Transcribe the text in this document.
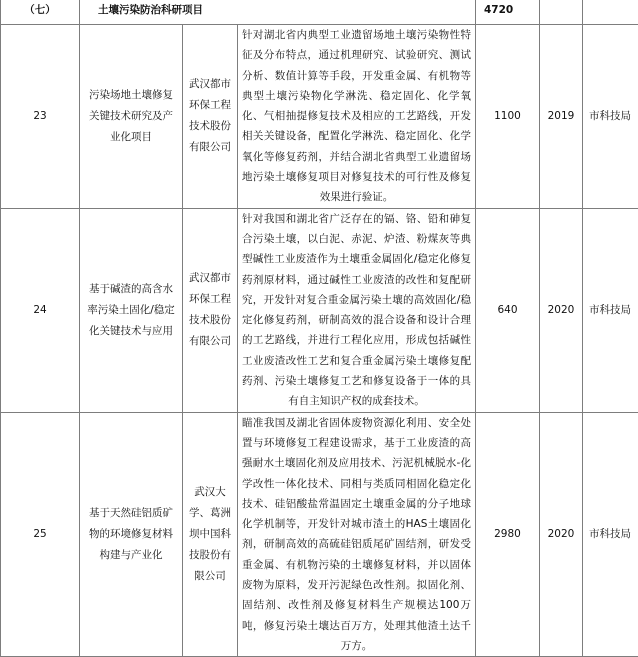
（七）	土壤污染防治科研项目			4720		
23	污染场地土壤修复关键技术研究及产业化项目	武汉都市环保工程技术股份有限公司	针对湖北省内典型工业遗留场地土壤污染物性特征及分布特点，通过机理研究、试验研究、测试分析、数值计算等手段，开发重金属、有机物等典型土壤污染物化学淋洗、稳定固化、化学氧化、气相抽提修复技术及相应的工艺路线，开发相关关键设备，配置化学淋洗、稳定固化、化学氧化等修复药剂，并结合湖北省典型工业遗留场地污染土壤修复项目对修复技术的可行性及修复效果进行验证。	1100	2019	市科技局
24	基于碱渣的高含水率污染土固化/稳定化关键技术与应用	武汉都市环保工程技术股份有限公司	针对我国和湖北省广泛存在的镉、铬、铅和砷复合污染土壤，以白泥、赤泥、炉渣、粉煤灰等典型碱性工业废渣作为土壤重金属固化/稳定化修复药剂原材料，通过碱性工业废渣的改性和复配研究，开发针对复合重金属污染土壤的高效固化/稳定化修复药剂，研制高效的混合设备和设计合理的工艺路线，并进行工程化应用，形成包括碱性工业废渣改性工艺和复合重金属污染土壤修复配药剂、污染土壤修复工艺和修复设备于一体的具有自主知识产权的成套技术。	640	2020	市科技局
25	基于天然硅铝质矿物的环境修复材料构建与产业化	武汉大学、葛洲坝中国科技股份有限公司	瞄准我国及湖北省固体废物资源化利用、安全处置与环境修复工程建设需求，基于工业废渣的高强耐水土壤固化剂及应用技术、污泥机械脱水-化学改性一体化技术、同相与类质同相固化稳定化技术、硅铝酸盐常温固定土壤重金属的分子地球化学机制等，开发针对城市渣土的HAS土壤固化剂，研制高效的高硫硅铝质尾矿固结剂，研发受重金属、有机物污染的土壤修复材料，并以固体废物为原料，发开污泥绿色改性剂。拟固化剂、固结剂、改性剂及修复材料生产规模达100万吨，修复污染土壤达百万方，处理其他渣土达千万方。	2980	2020	市科技局
